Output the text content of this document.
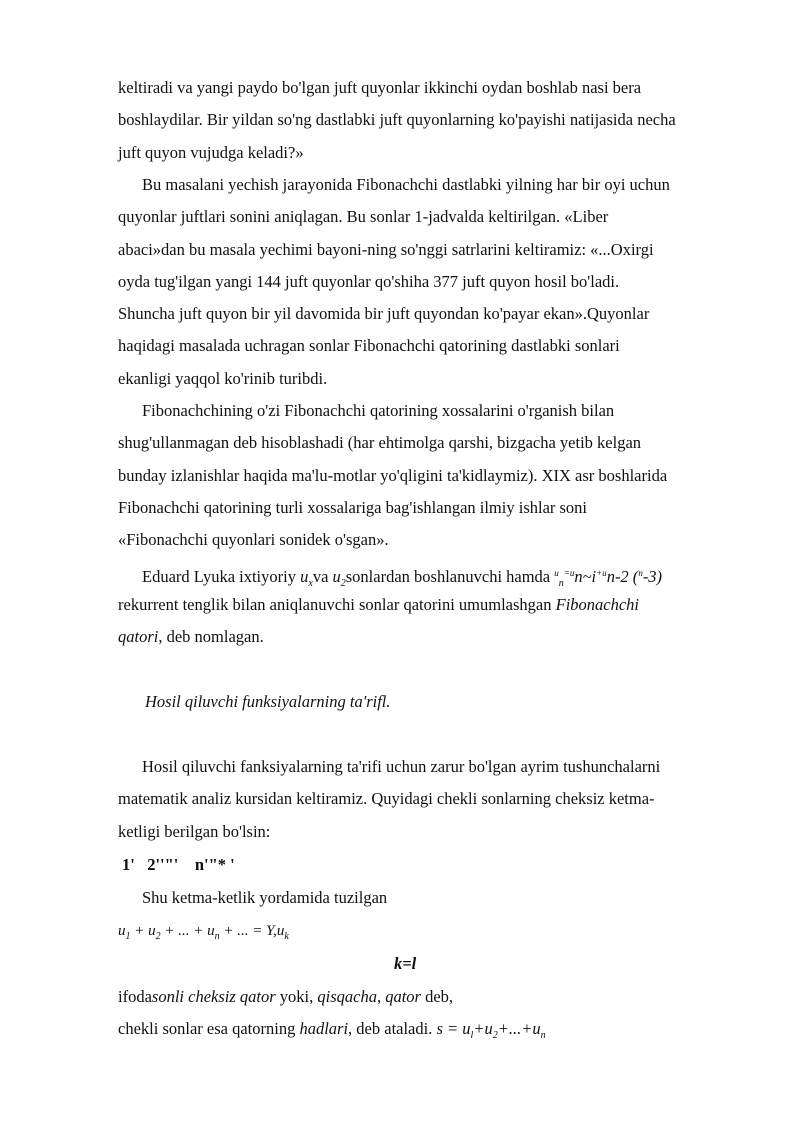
keltiradi va yangi paydo bo'lgan juft quyonlar ikkinchi oydan boshlab nasi bera

boshlaydilar. Bir yildan so'ng dastlabki juft quyonlarning ko'payishi natijasida necha

juft quyon vujudga keladi?»

Bu masalani yechish jarayonida Fibonachchi dastlabki yilning har bir oyi uchun

quyonlar juftlari sonini aniqlagan. Bu sonlar 1-jadvalda keltirilgan. «Liber

abaci»dan bu masala yechimi bayoni-ning so'nggi satrlarini keltiramiz: «...Oxirgi

oyda tug'ilgan yangi 144 juft quyonlar qo'shiha 377 juft quyon hosil bo'ladi.

Shuncha juft quyon bir yil davomida bir juft quyondan ko'payar ekan».Quyonlar

haqidagi masalada uchragan sonlar Fibonachchi qatorining dastlabki sonlari

ekanligi yaqqol ko'rinib turibdi.

Fibonachchining o'zi Fibonachchi qatorining xossalarini o'rganish bilan

shug'ullanmagan deb hisoblashadi (har ehtimolga qarshi, bizgacha yetib kelgan

bunday izlanishlar haqida ma'lu-motlar yo'qligini ta'kidlaymiz). XIX asr boshlarida

Fibonachchi qatorining turli xossalariga bag'ishlangan ilmiy ishlar soni

«Fibonachchi quyonlari sonidek o'sgan».

Eduard Lyuka ixtiyoriy $u_xva$ $u_2sonlardan$ boshlanuvchi hamda $^u_n^{=u}n\sim i^{+u}n-2$ ($^n$-3)

rekurrent tenglik bilan aniqlanuvchi sonlar qatorini umumlashgan Fibonachchi

qatori, deb nomlagan.

Hosil qiluvchi funksiyalarning ta'rifl.

Hosil qiluvchi fanksiyalarning ta'rifi uchun zarur bo'lgan ayrim tushunchalarni

matematik analiz kursidan keltiramiz. Quyidagi chekli sonlarning cheksiz ketma-

ketligi berilgan bo'lsin:

1'   2''"'    n'"* '

Shu ketma-ketlik yordamida tuzilgan

$u_1 + u_2$ + ... + $u_n$ + ... = $Y,u_k$

k=l

ifodasonli cheksiz qator yoki, qisqacha, qator deb,

chekli sonlar esa qatorning hadlari, deb ataladi. $s = u_l+u_2+...+u_n$
